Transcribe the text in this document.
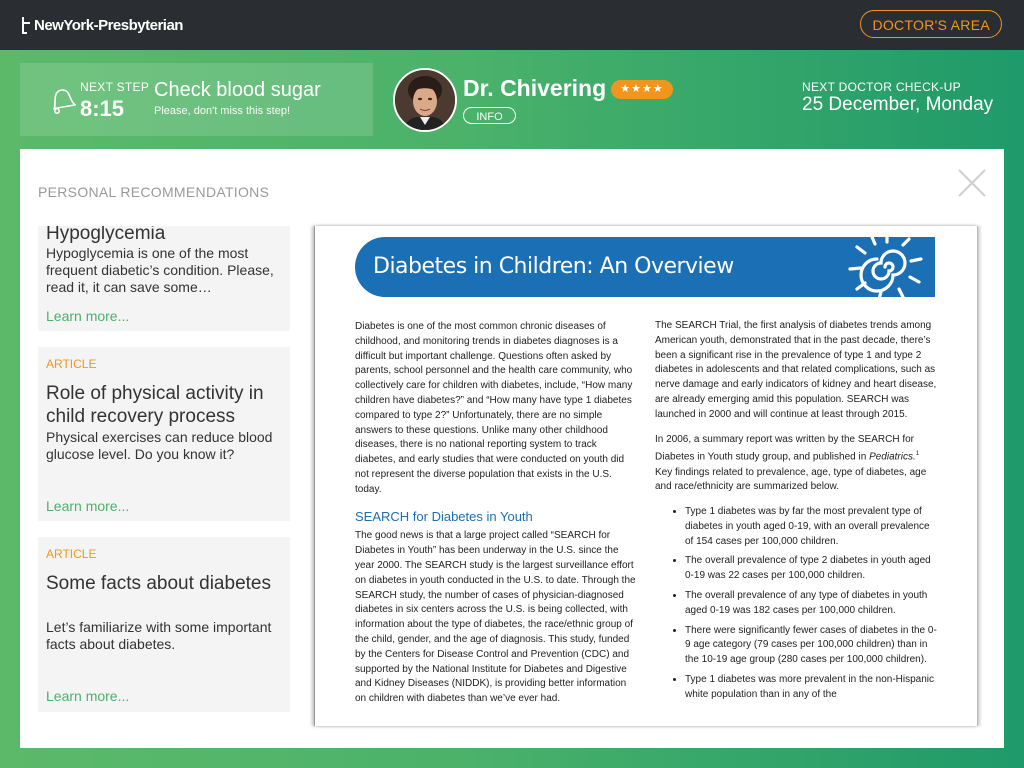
NewYork-Presbyterian	DOCTOR'S AREA
NEXT STEP
8:15
Check blood sugar
Please, don't miss this step!
Dr. Chivering	★★★★
INFO
NEXT DOCTOR CHECK-UP
25 December, Monday
PERSONAL RECOMMENDATIONS
Hypoglycemia
Hypoglycemia is one of the most frequent diabetic’s condition. Please, read it, it can save some…
Learn more...
ARTICLE
Role of physical activity in child recovery process
Physical exercises can reduce blood glucose level. Do you know it?
Learn more...
ARTICLE
Some facts about diabetes
Let’s familiarize with some important facts about diabetes.
Learn more...
Diabetes in Children: An Overview

Diabetes is one of the most common chronic diseases of childhood, and monitoring trends in diabetes diagnoses is a difficult but important challenge. Questions often asked by parents, school personnel and the health care community, who collectively care for children with diabetes, include, “How many children have diabetes?” and “How many have type 1 diabetes compared to type 2?” Unfortunately, there are no simple answers to these questions. Unlike many other childhood diseases, there is no national reporting system to track diabetes, and early studies that were conducted on youth did not represent the diverse population that exists in the U.S. today.

SEARCH for Diabetes in Youth

The good news is that a large project called “SEARCH for Diabetes in Youth” has been underway in the U.S. since the year 2000. The SEARCH study is the largest surveillance effort on diabetes in youth conducted in the U.S. to date. Through the SEARCH study, the number of cases of physician-diagnosed diabetes in six centers across the U.S. is being collected, with information about the type of diabetes, the race/ethnic group of the child, gender, and the age of diagnosis. This study, funded by the Centers for Disease Control and Prevention (CDC) and supported by the National Institute for Diabetes and Digestive and Kidney Diseases (NIDDK), is providing better information on children with diabetes than we’ve ever had.

The SEARCH Trial, the first analysis of diabetes trends among American youth, demonstrated that in the past decade, there’s been a significant rise in the prevalence of type 1 and type 2 diabetes in adolescents and that related complications, such as nerve damage and early indicators of kidney and heart disease, are already emerging amid this population. SEARCH was launched in 2000 and will continue at least through 2015.

In 2006, a summary report was written by the SEARCH for Diabetes in Youth study group, and published in Pediatrics.$^1$ Key findings related to prevalence, age, type of diabetes, age and race/ethnicity are summarized below.

• Type 1 diabetes was by far the most prevalent type of diabetes in youth aged 0-19, with an overall prevalence of 154 cases per 100,000 children.
• The overall prevalence of type 2 diabetes in youth aged 0-19 was 22 cases per 100,000 children.
• The overall prevalence of any type of diabetes in youth aged 0-19 was 182 cases per 100,000 children.
• There were significantly fewer cases of diabetes in the 0-9 age category (79 cases per 100,000 children) than in the 10-19 age group (280 cases per 100,000 children).
• Type 1 diabetes was more prevalent in the non-Hispanic white population than in any of the
